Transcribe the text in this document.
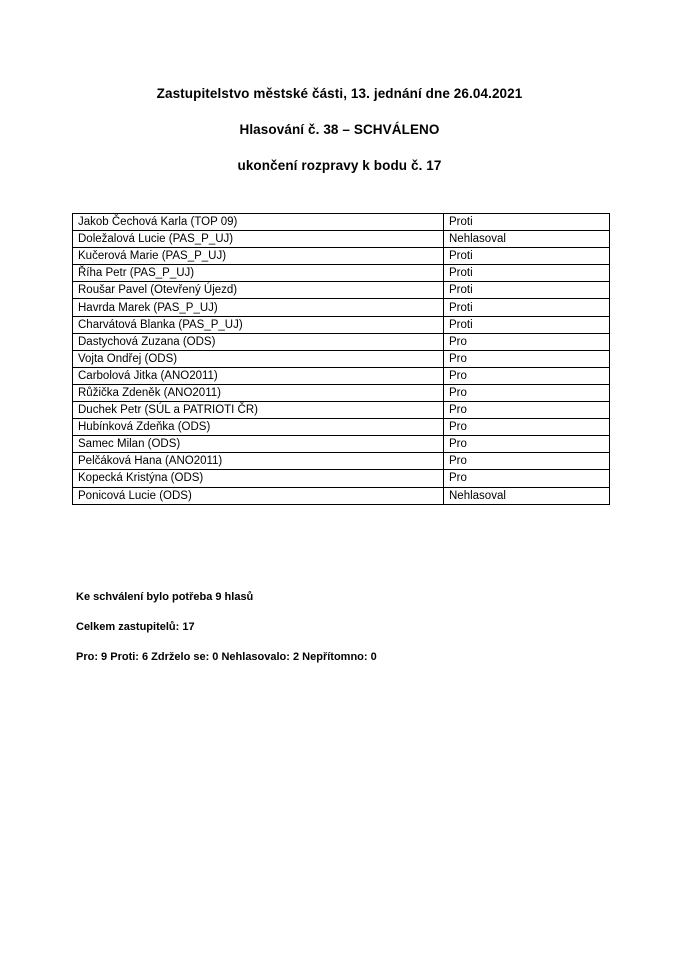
Zastupitelstvo městské části, 13. jednání dne 26.04.2021
Hlasování č. 38 – SCHVÁLENO
ukončení rozpravy k bodu č. 17
Jakob Čechová Karla (TOP 09)	Proti
Doležalová Lucie (PAS_P_UJ)	Nehlasoval
Kučerová Marie (PAS_P_UJ)	Proti
Říha Petr (PAS_P_UJ)	Proti
Roušar Pavel (Otevřený Újezd)	Proti
Havrda Marek (PAS_P_UJ)	Proti
Charvátová Blanka (PAS_P_UJ)	Proti
Dastychová Zuzana (ODS)	Pro
Vojta Ondřej (ODS)	Pro
Carbolová Jitka (ANO2011)	Pro
Růžička Zdeněk (ANO2011)	Pro
Duchek Petr (SÚL a PATRIOTI ČR)	Pro
Hubínková Zdeňka (ODS)	Pro
Samec Milan (ODS)	Pro
Pelčáková Hana (ANO2011)	Pro
Kopecká Kristýna (ODS)	Pro
Ponicová Lucie (ODS)	Nehlasoval
Ke schválení bylo potřeba 9 hlasů
Celkem zastupitelů: 17
Pro: 9 Proti: 6 Zdrželo se: 0 Nehlasovalo: 2 Nepřítomno: 0
